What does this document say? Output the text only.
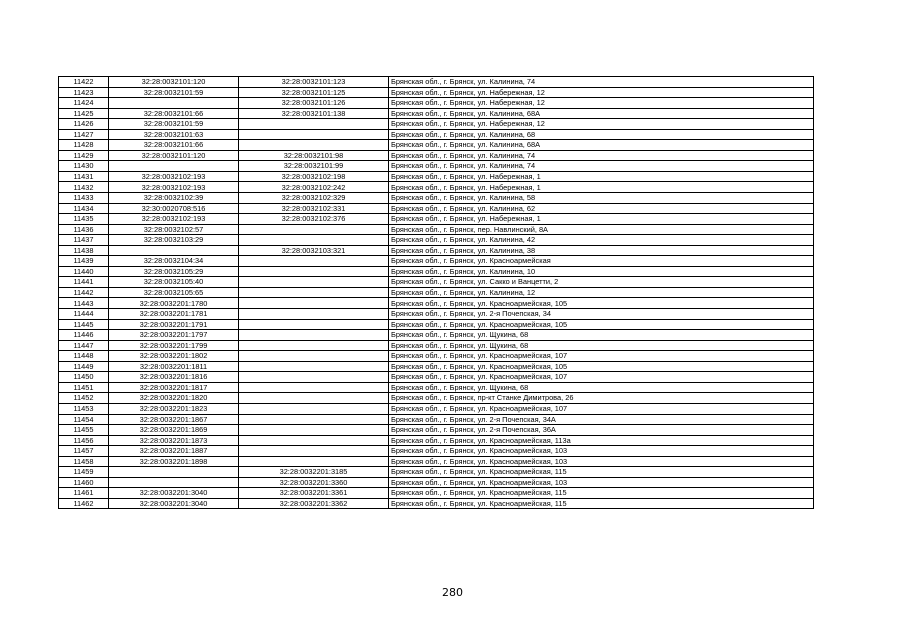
11422	32:28:0032101:120	32:28:0032101:123	Брянская обл., г. Брянск, ул. Калинина, 74
11423	32:28:0032101:59	32:28:0032101:125	Брянская обл., г. Брянск, ул. Набережная, 12
11424		32:28:0032101:126	Брянская обл., г. Брянск, ул. Набережная, 12
11425	32:28:0032101:66	32:28:0032101:138	Брянская обл., г. Брянск, ул. Калинина, 68А
11426	32:28:0032101:59		Брянская обл., г. Брянск, ул. Набережная, 12
11427	32:28:0032101:63		Брянская обл., г. Брянск, ул. Калинина, 68
11428	32:28:0032101:66		Брянская обл., г. Брянск, ул. Калинина, 68А
11429	32:28:0032101:120	32:28:0032101:98	Брянская обл., г. Брянск, ул. Калинина, 74
11430		32:28:0032101:99	Брянская обл., г. Брянск, ул. Калинина, 74
11431	32:28:0032102:193	32:28:0032102:198	Брянская обл., г. Брянск, ул. Набережная, 1
11432	32:28:0032102:193	32:28:0032102:242	Брянская обл., г. Брянск, ул. Набережная, 1
11433	32:28:0032102:39	32:28:0032102:329	Брянская обл., г. Брянск, ул. Калинина, 58
11434	32:30:0020708:516	32:28:0032102:331	Брянская обл., г. Брянск, ул. Калинина, 62
11435	32:28:0032102:193	32:28:0032102:376	Брянская обл., г. Брянск, ул. Набережная, 1
11436	32:28:0032102:57		Брянская обл., г. Брянск, пер. Навлинский, 8А
11437	32:28:0032103:29		Брянская обл., г. Брянск, ул. Калинина, 42
11438		32:28:0032103:321	Брянская обл., г. Брянск, ул. Калинина, 38
11439	32:28:0032104:34		Брянская обл., г. Брянск, ул. Красноармейская
11440	32:28:0032105:29		Брянская обл., г. Брянск, ул. Калинина, 10
11441	32:28:0032105:40		Брянская обл., г. Брянск, ул. Сакко и Ванцетти, 2
11442	32:28:0032105:65		Брянская обл., г. Брянск, ул. Калинина, 12
11443	32:28:0032201:1780		Брянская обл., г. Брянск, ул. Красноармейская, 105
11444	32:28:0032201:1781		Брянская обл., г. Брянск, ул. 2-я Почепская, 34
11445	32:28:0032201:1791		Брянская обл., г. Брянск, ул. Красноармейская, 105
11446	32:28:0032201:1797		Брянская обл., г. Брянск, ул. Щукина, 68
11447	32:28:0032201:1799		Брянская обл., г. Брянск, ул. Щукина, 68
11448	32:28:0032201:1802		Брянская обл., г. Брянск, ул. Красноармейская, 107
11449	32:28:0032201:1811		Брянская обл., г. Брянск, ул. Красноармейская, 105
11450	32:28:0032201:1816		Брянская обл., г. Брянск, ул. Красноармейская, 107
11451	32:28:0032201:1817		Брянская обл., г. Брянск, ул. Щукина, 68
11452	32:28:0032201:1820		Брянская обл., г. Брянск, пр-кт Станке Димитрова, 26
11453	32:28:0032201:1823		Брянская обл., г. Брянск, ул. Красноармейская, 107
11454	32:28:0032201:1867		Брянская обл., г. Брянск, ул. 2-я Почепская, 34А
11455	32:28:0032201:1869		Брянская обл., г. Брянск, ул. 2-я Почепская, 36А
11456	32:28:0032201:1873		Брянская обл., г. Брянск, ул. Красноармейская, 113а
11457	32:28:0032201:1887		Брянская обл., г. Брянск, ул. Красноармейская, 103
11458	32:28:0032201:1898		Брянская обл., г. Брянск, ул. Красноармейская, 103
11459		32:28:0032201:3185	Брянская обл., г. Брянск, ул. Красноармейская, 115
11460		32:28:0032201:3360	Брянская обл., г. Брянск, ул. Красноармейская, 103
11461	32:28:0032201:3040	32:28:0032201:3361	Брянская обл., г. Брянск, ул. Красноармейская, 115
11462	32:28:0032201:3040	32:28:0032201:3362	Брянская обл., г. Брянск, ул. Красноармейская, 115
280
